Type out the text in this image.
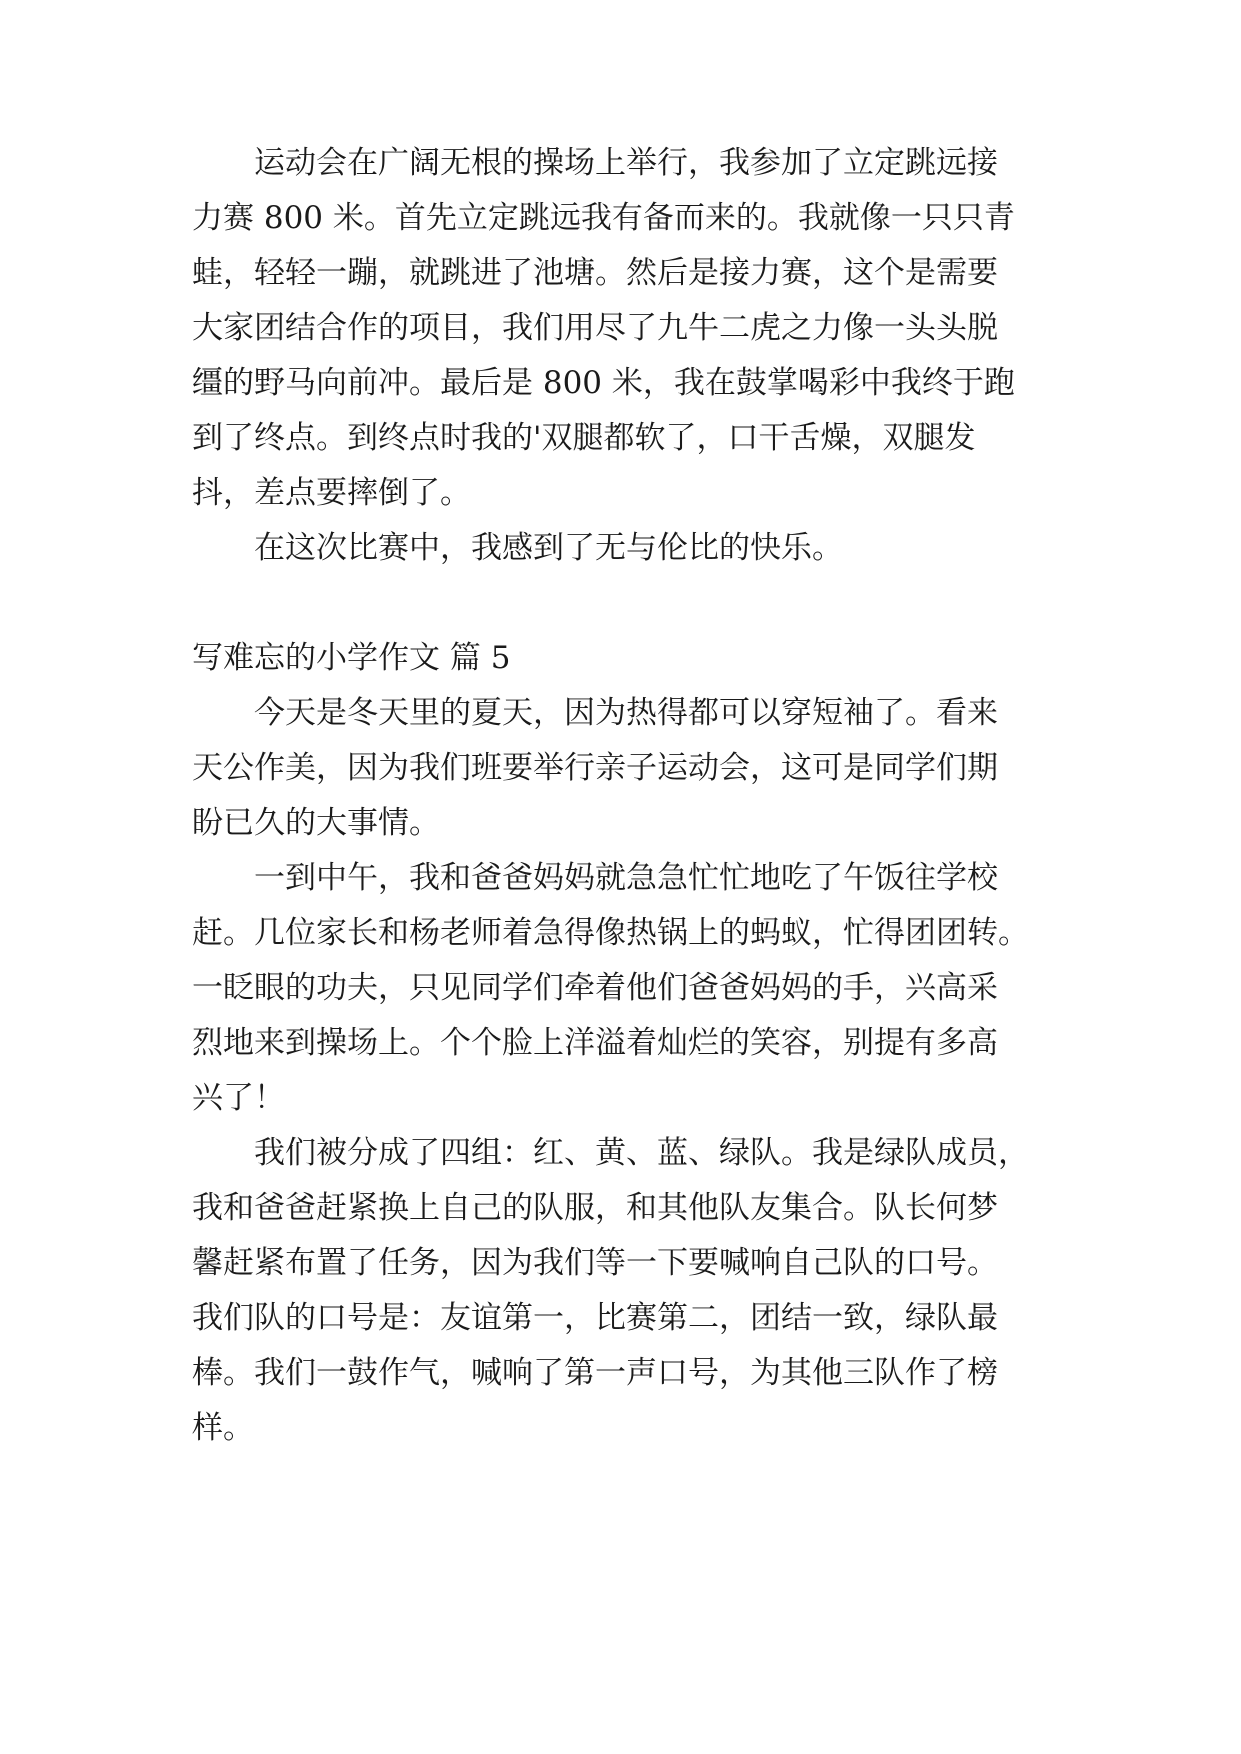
运动会在广阔无根的操场上举行，我参加了立定跳远接
力赛 800 米。首先立定跳远我有备而来的。我就像一只只青
蛙，轻轻一蹦，就跳进了池塘。然后是接力赛，这个是需要
大家团结合作的项目，我们用尽了九牛二虎之力像一头头脱
缰的野马向前冲。最后是 800 米，我在鼓掌喝彩中我终于跑
到了终点。到终点时我的'双腿都软了，口干舌燥，双腿发
抖，差点要摔倒了。
在这次比赛中，我感到了无与伦比的快乐。
写难忘的小学作文 篇 5
今天是冬天里的夏天，因为热得都可以穿短袖了。看来
天公作美，因为我们班要举行亲子运动会，这可是同学们期
盼已久的大事情。
一到中午，我和爸爸妈妈就急急忙忙地吃了午饭往学校
赶。几位家长和杨老师着急得像热锅上的蚂蚁，忙得团团转。
一眨眼的功夫，只见同学们牵着他们爸爸妈妈的手，兴高采
烈地来到操场上。个个脸上洋溢着灿烂的笑容，别提有多高
兴了！
我们被分成了四组：红、黄、蓝、绿队。我是绿队成员，
我和爸爸赶紧换上自己的队服，和其他队友集合。队长何梦
馨赶紧布置了任务，因为我们等一下要喊响自己队的口号。
我们队的口号是：友谊第一，比赛第二，团结一致，绿队最
棒。我们一鼓作气，喊响了第一声口号，为其他三队作了榜
样。
